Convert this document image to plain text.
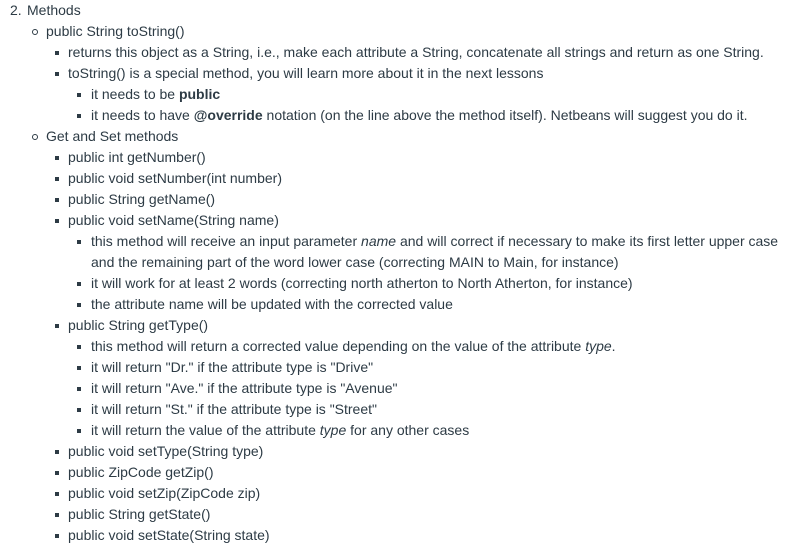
2. Methods
public String toString()
returns this object as a String, i.e., make each attribute a String, concatenate all strings and return as one String.
toString() is a special method, you will learn more about it in the next lessons
it needs to be public
it needs to have @override notation (on the line above the method itself). Netbeans will suggest you do it.
Get and Set methods
public int getNumber()
public void setNumber(int number)
public String getName()
public void setName(String name)
this method will receive an input parameter name and will correct if necessary to make its first letter upper case
and the remaining part of the word lower case (correcting MAIN to Main, for instance)
it will work for at least 2 words (correcting north atherton to North Atherton, for instance)
the attribute name will be updated with the corrected value
public String getType()
this method will return a corrected value depending on the value of the attribute type.
it will return "Dr." if the attribute type is "Drive"
it will return "Ave." if the attribute type is "Avenue"
it will return "St." if the attribute type is "Street"
it will return the value of the attribute type for any other cases
public void setType(String type)
public ZipCode getZip()
public void setZip(ZipCode zip)
public String getState()
public void setState(String state)
